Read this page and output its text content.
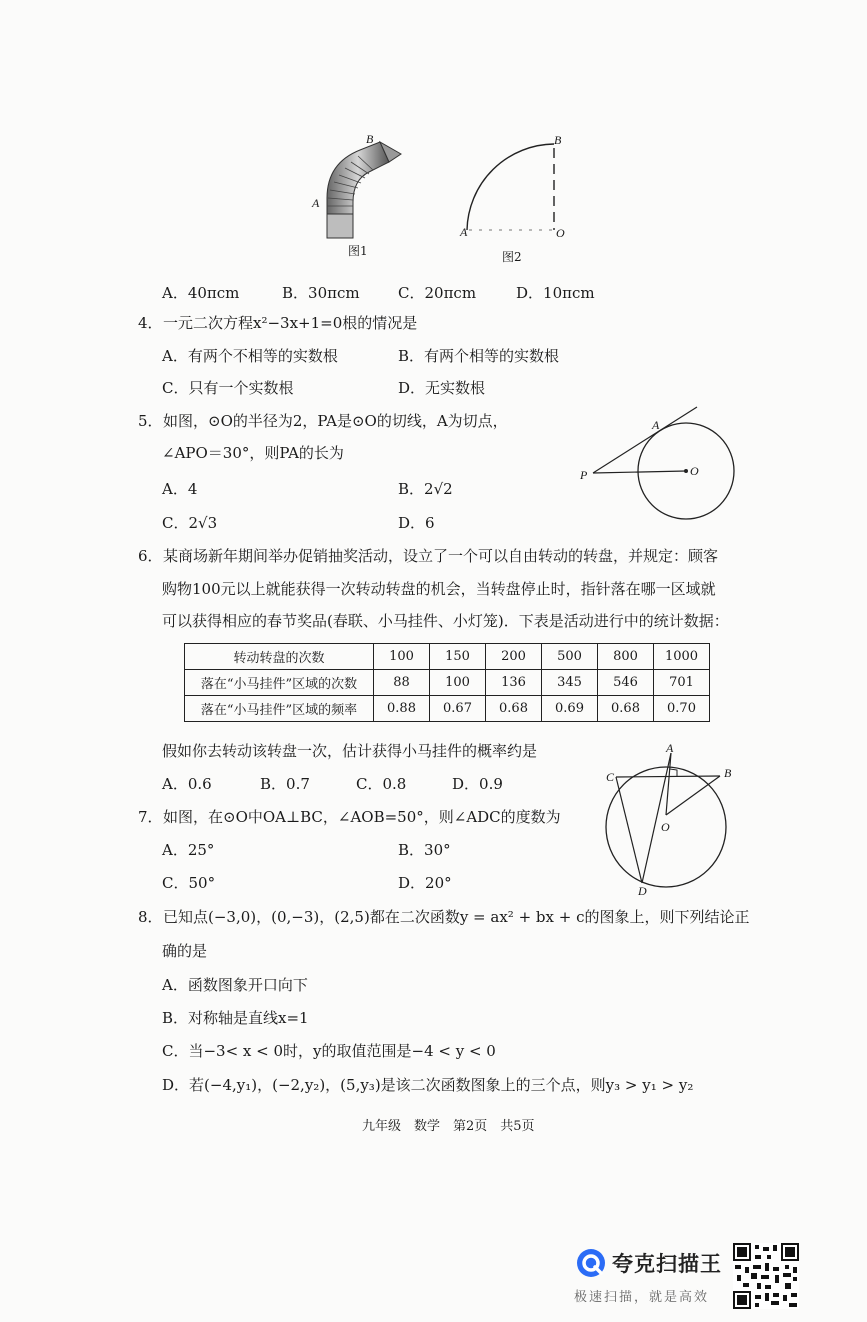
A
B
图1
A
B
O
图2
A．40πcm	B．30πcm	C．20πcm	D．10πcm
4． 一元二次方程x²−3x+1=0根的情况是
A．有两个不相等的实数根	B．有两个相等的实数根
C．只有一个实数根	D．无实数根
5． 如图，⊙O的半径为2，PA是⊙O的切线，A为切点，
∠APO＝30°，则PA的长为
A．4	B．2√2
C．2√3	D．6
P
A
O
6． 某商场新年期间举办促销抽奖活动，设立了一个可以自由转动的转盘，并规定：顾客
购物100元以上就能获得一次转动转盘的机会，当转盘停止时，指针落在哪一区域就
可以获得相应的春节奖品(春联、小马挂件、小灯笼)．下表是活动进行中的统计数据：
转动转盘的次数	100	150	200	500	800	1000
落在“小马挂件”区域的次数	88	100	136	345	546	701
落在“小马挂件”区域的频率	0.88	0.67	0.68	0.69	0.68	0.70
假如你去转动该转盘一次，估计获得小马挂件的概率约是
A．0.6	B．0.7	C．0.8	D．0.9
7． 如图，在⊙O中OA⊥BC，∠AOB=50°，则∠ADC的度数为
A．25°	B．30°
C．50°	D．20°
A
B
C
D
O
8． 已知点(−3,0)，(0,−3)，(2,5)都在二次函数y = ax² + bx + c的图象上，则下列结论正
确的是
A．函数图象开口向下
B．对称轴是直线x=1
C．当−3< x < 0时，y的取值范围是−4 < y < 0
D．若(−4,y₁)，(−2,y₂)，(5,y₃)是该二次函数图象上的三个点，则y₃ > y₁ > y₂
九年级　数学　第2页　共5页
夸克扫描王
极速扫描，就是高效
